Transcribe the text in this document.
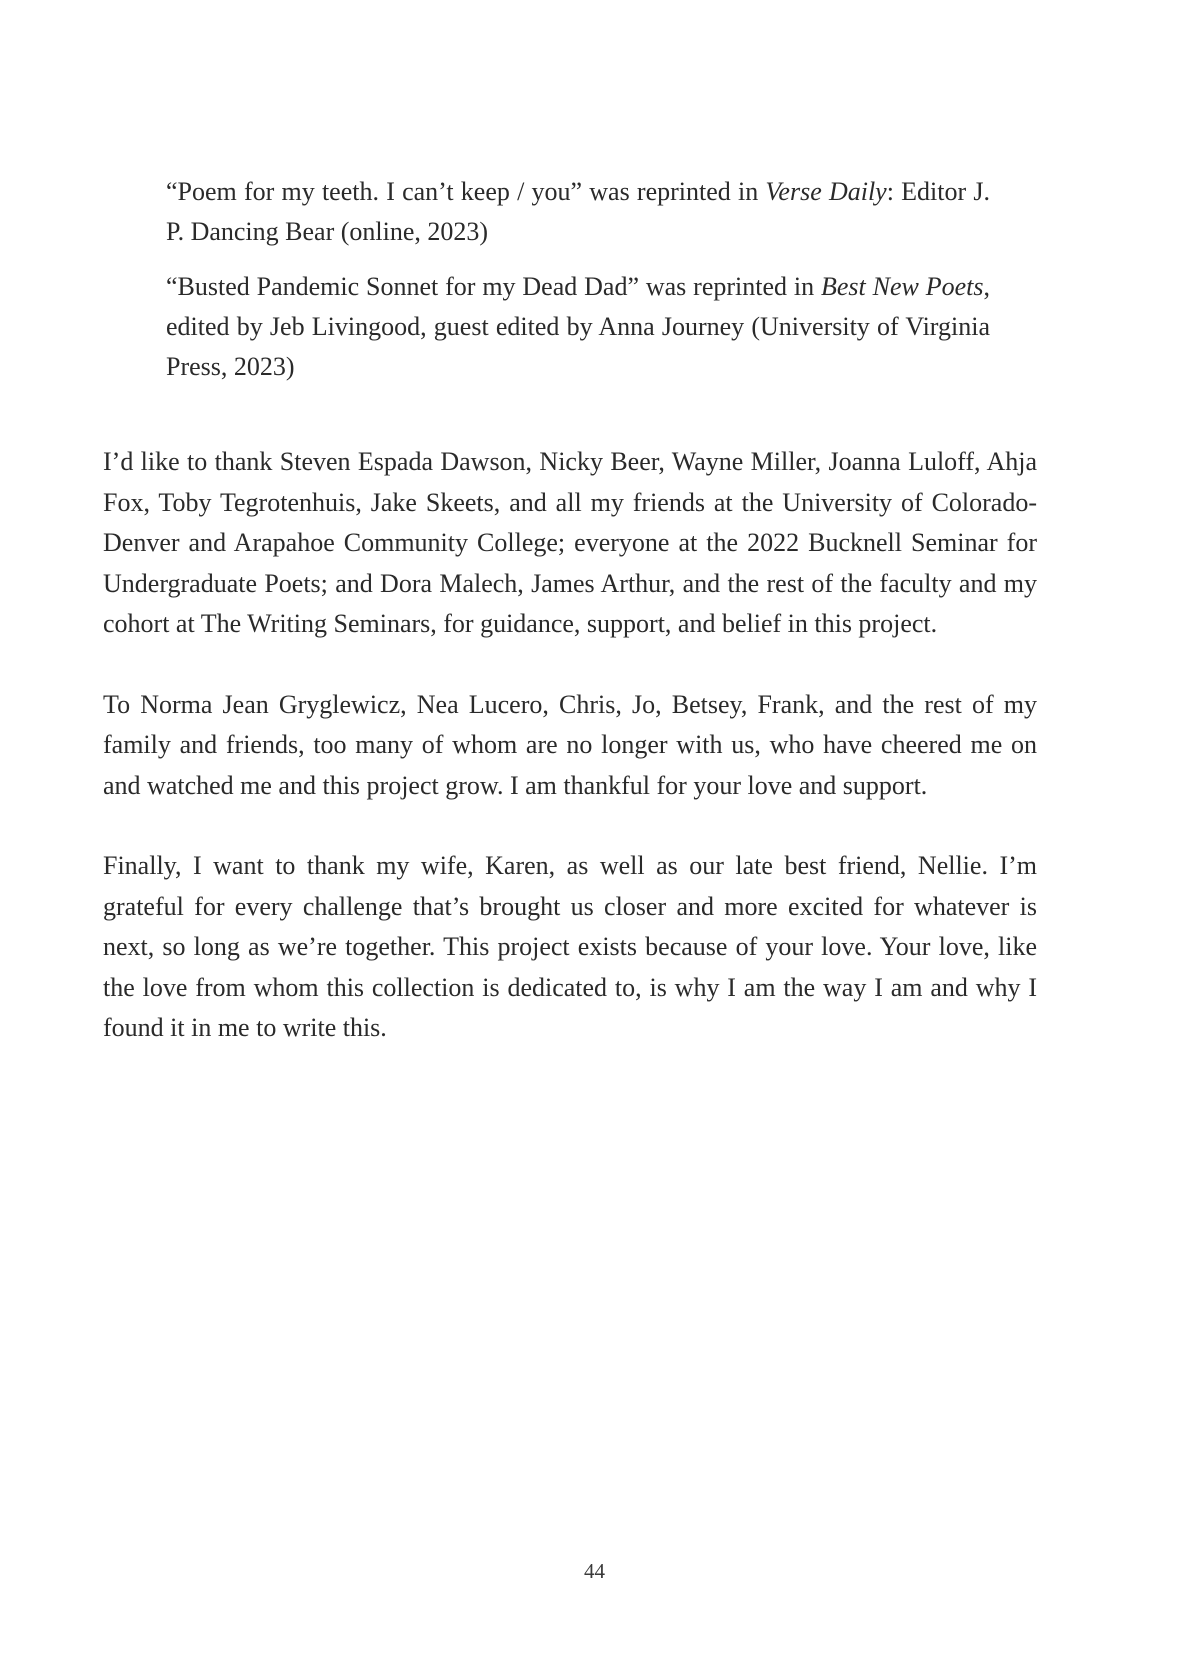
“Poem for my teeth. I can’t keep / you” was reprinted in Verse Daily: Editor J. P. Dancing Bear (online, 2023)

“Busted Pandemic Sonnet for my Dead Dad” was reprinted in Best New Poets, edited by Jeb Livingood, guest edited by Anna Journey (University of Virginia Press, 2023)

I’d like to thank Steven Espada Dawson, Nicky Beer, Wayne Miller, Joanna Luloff, Ahja Fox, Toby Tegrotenhuis, Jake Skeets, and all my friends at the University of Colorado-Denver and Arapahoe Community College; everyone at the 2022 Bucknell Seminar for Undergraduate Poets; and Dora Malech, James Arthur, and the rest of the faculty and my cohort at The Writing Seminars, for guidance, support, and belief in this project.

To Norma Jean Gryglewicz, Nea Lucero, Chris, Jo, Betsey, Frank, and the rest of my family and friends, too many of whom are no longer with us, who have cheered me on and watched me and this project grow. I am thankful for your love and support.

Finally, I want to thank my wife, Karen, as well as our late best friend, Nellie. I’m grateful for every challenge that’s brought us closer and more excited for whatever is next, so long as we’re together. This project exists because of your love. Your love, like the love from whom this collection is dedicated to, is why I am the way I am and why I found it in me to write this.

44
